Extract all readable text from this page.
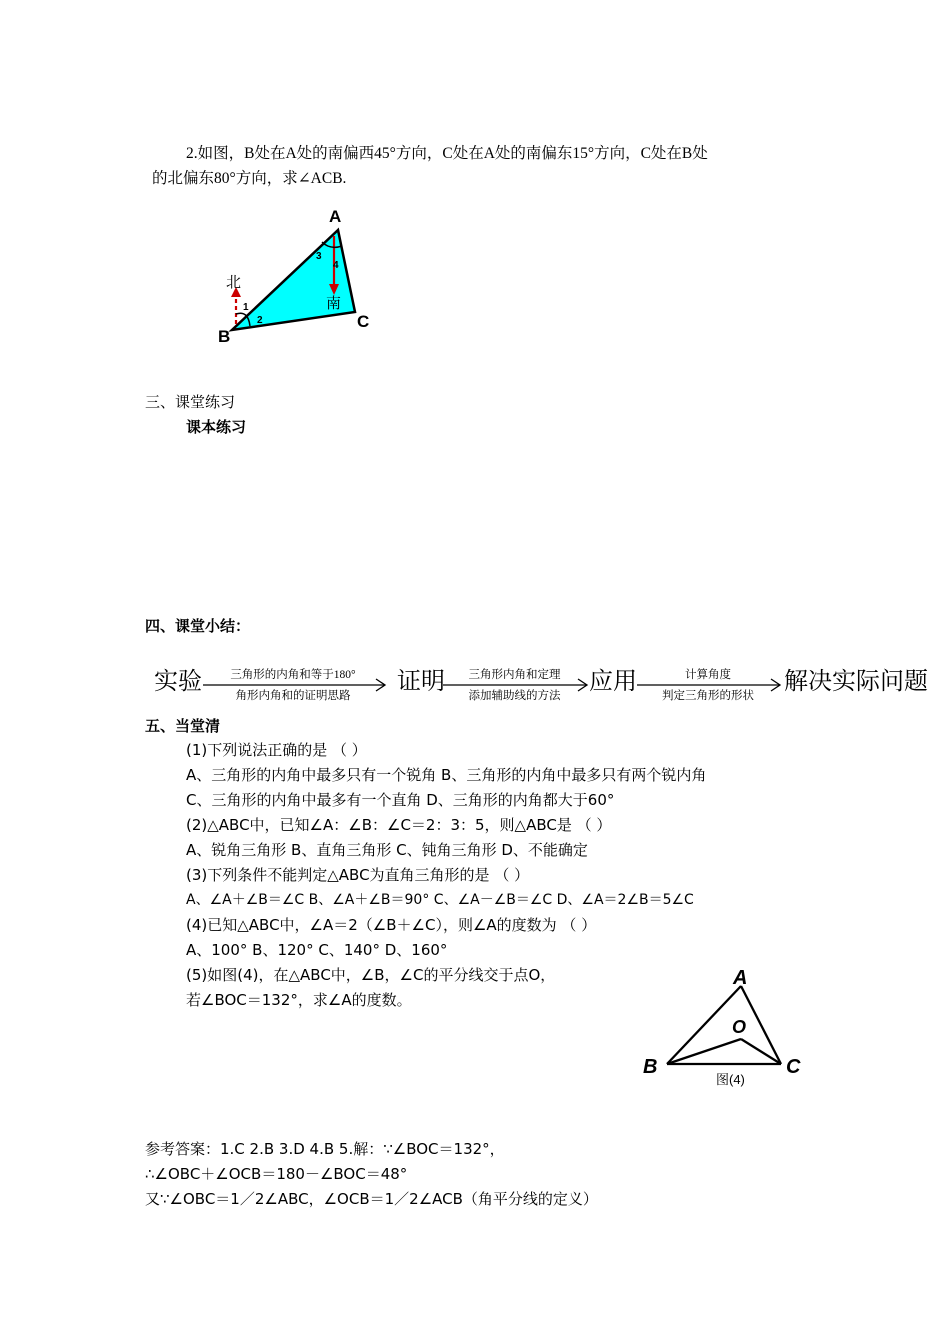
2.如图，B处在A处的南偏西45°方向，C处在A处的南偏东15°方向，C处在B处
的北偏东80°方向，求∠ACB.
A
B
C
北
南
1
2
3
4
三、课堂练习
课本练习
四、课堂小结：
实验	三角形的内角和等于180°
角形内角和的证明思路
证明	三角形内角和定理
添加辅助线的方法
应用	计算角度
判定三角形的形状
解决实际问题
五、当堂清
(1)下列说法正确的是 （ ）
A、三角形的内角中最多只有一个锐角 B、三角形的内角中最多只有两个锐内角
C、三角形的内角中最多有一个直角 D、三角形的内角都大于60°
(2)△ABC中，已知∠A：∠B：∠C＝2：3：5，则△ABC是 （ ）
A、锐角三角形 B、直角三角形 C、钝角三角形 D、不能确定
(3)下列条件不能判定△ABC为直角三角形的是 （ ）
A、∠A＋∠B＝∠C B、∠A＋∠B＝90° C、∠A－∠B＝∠C D、∠A＝2∠B＝5∠C
(4)已知△ABC中，∠A＝2（∠B＋∠C），则∠A的度数为 （ ）
A、100° B、120° C、140° D、160°
(5)如图(4)，在△ABC中，∠B，∠C的平分线交于点O，
若∠BOC＝132°，求∠A的度数。
A
B	C
O
图(4)
参考答案：1.C 2.B 3.D 4.B 5.解：∵∠BOC＝132°，
∴∠OBC＋∠OCB＝180－∠BOC＝48°
又∵∠OBC＝1／2∠ABC，∠OCB＝1／2∠ACB（角平分线的定义）
